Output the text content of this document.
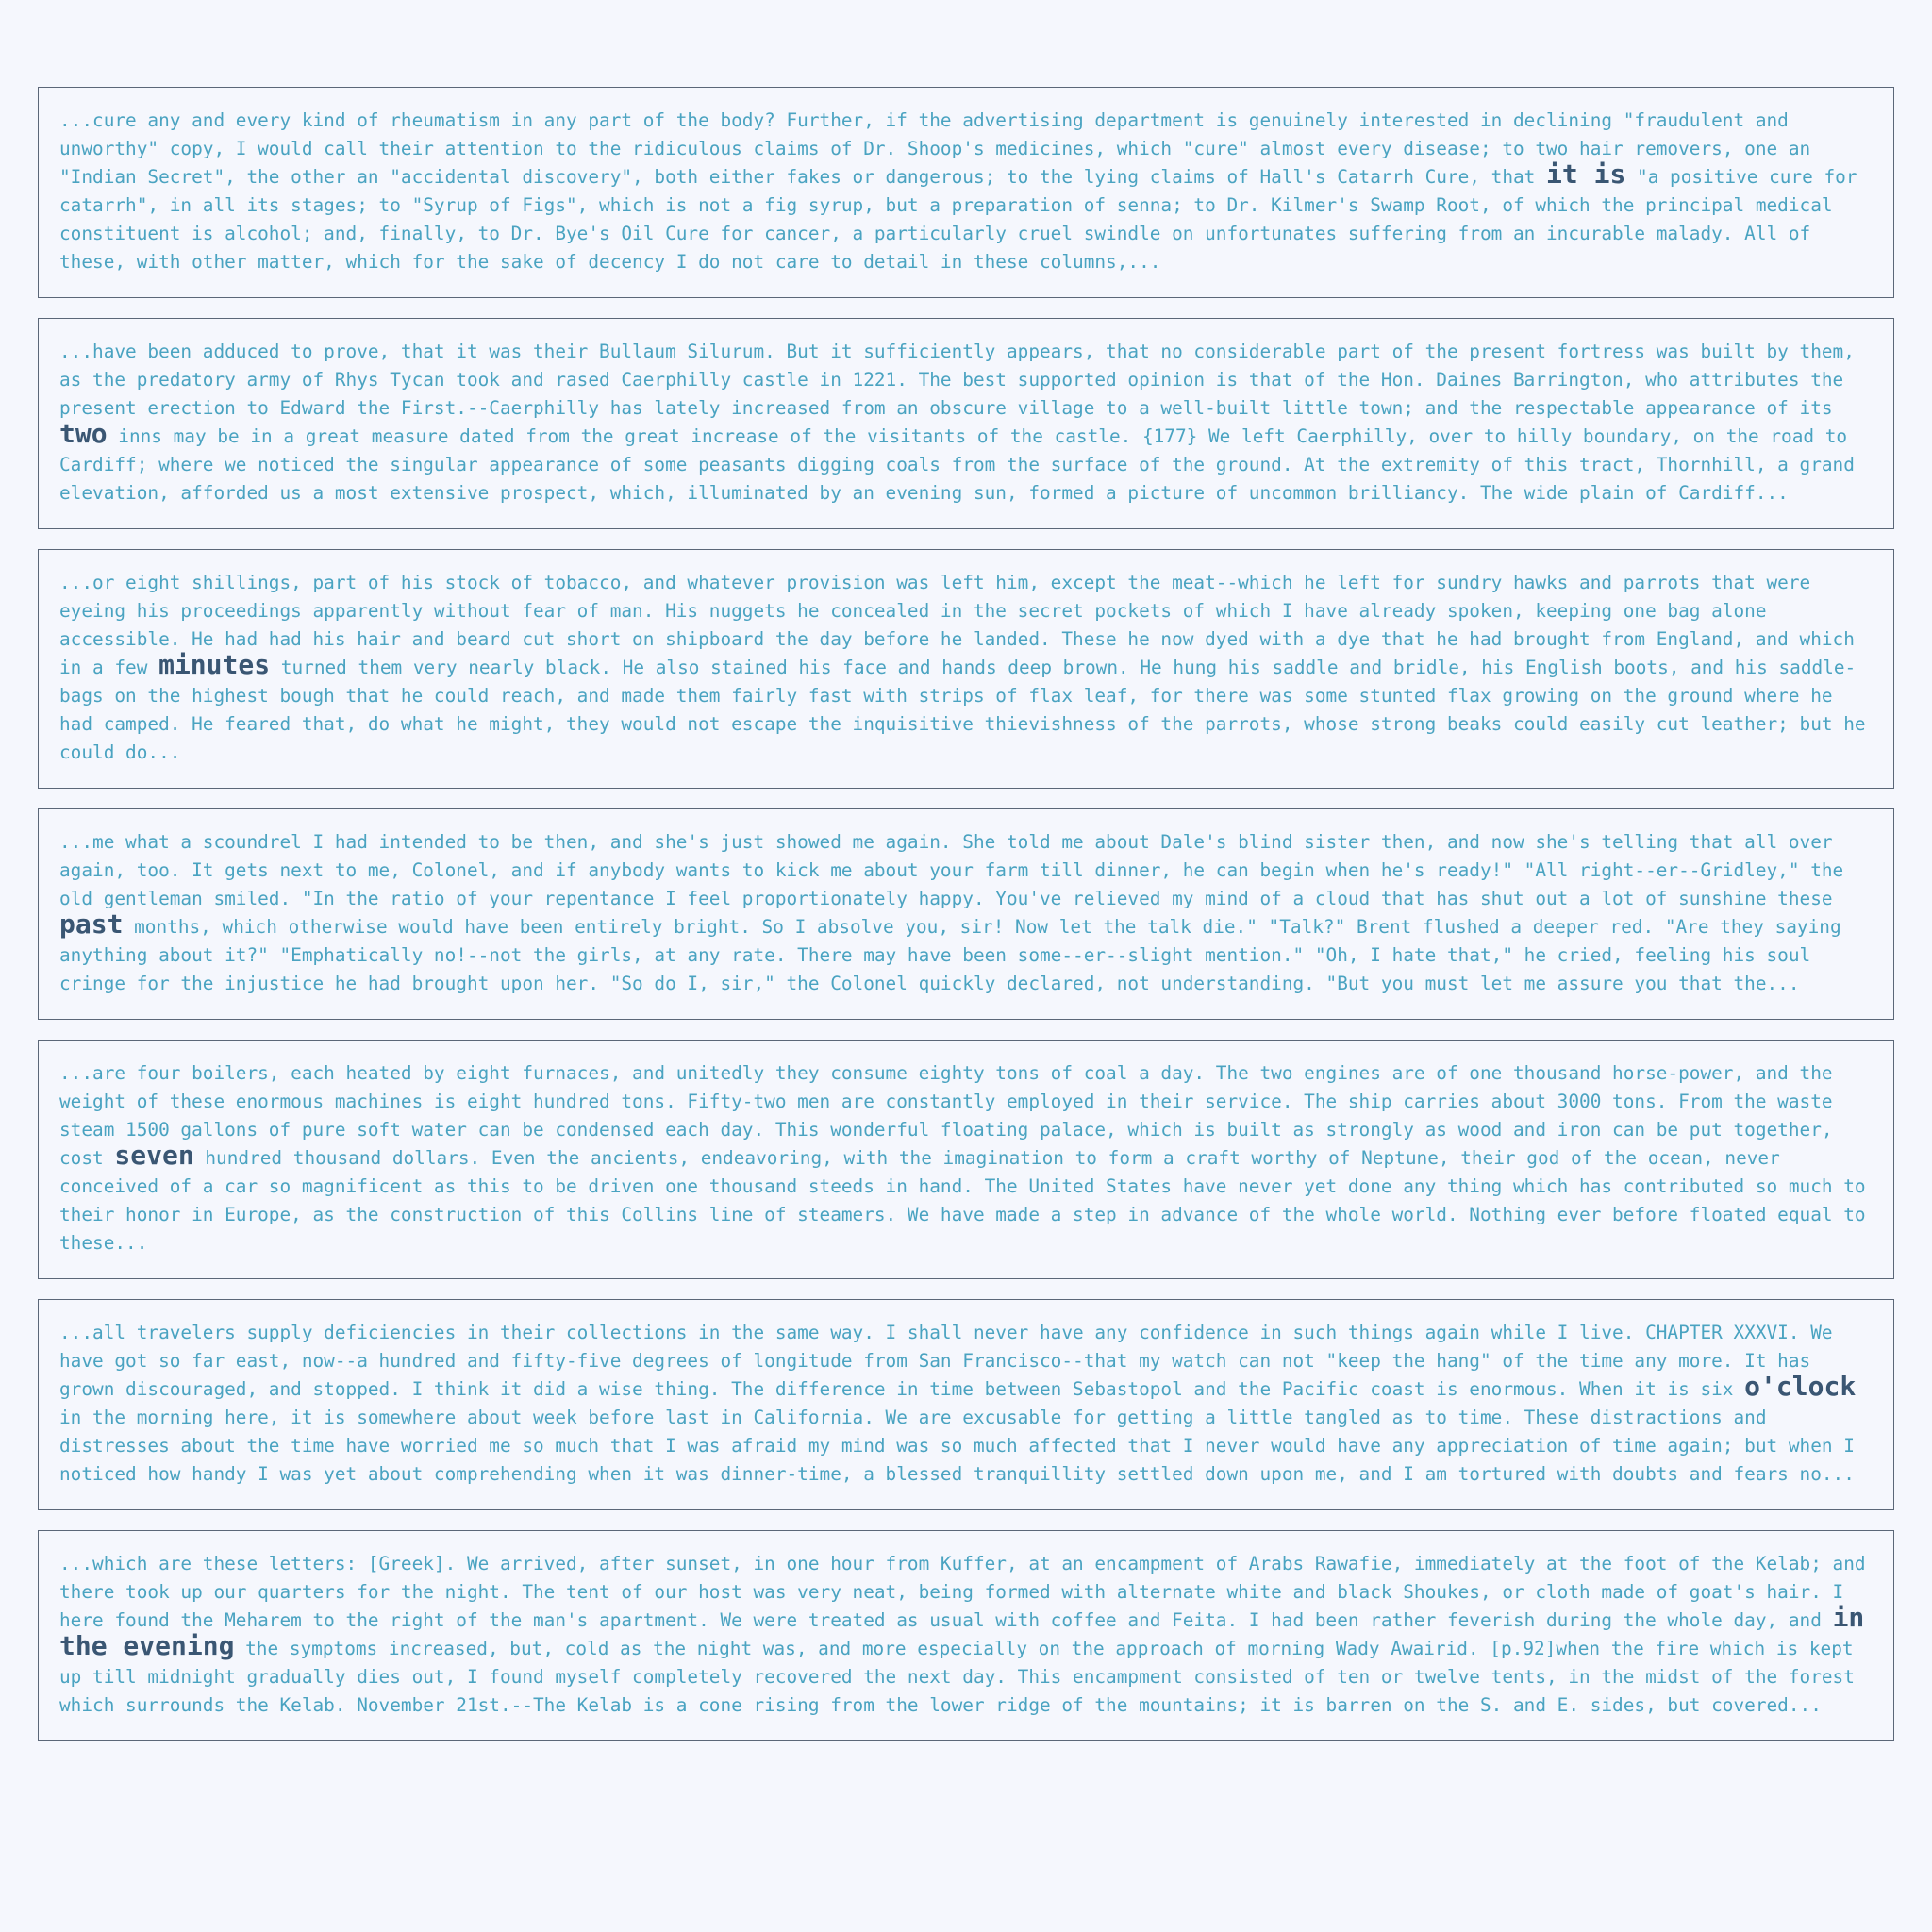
...cure any and every kind of rheumatism in any part of the body? Further, if the advertising department is genuinely interested in declining "fraudulent and unworthy" copy, I would call their attention to the ridiculous claims of Dr. Shoop's medicines, which "cure" almost every disease; to two hair removers, one an "Indian Secret", the other an "accidental discovery", both either fakes or dangerous; to the lying claims of Hall's Catarrh Cure, that it is "a positive cure for catarrh", in all its stages; to "Syrup of Figs", which is not a fig syrup, but a preparation of senna; to Dr. Kilmer's Swamp Root, of which the principal medical constituent is alcohol; and, finally, to Dr. Bye's Oil Cure for cancer, a particularly cruel swindle on unfortunates suffering from an incurable malady. All of these, with other matter, which for the sake of decency I do not care to detail in these columns,...
...have been adduced to prove, that it was their Bullaum Silurum. But it sufficiently appears, that no considerable part of the present fortress was built by them, as the predatory army of Rhys Tycan took and rased Caerphilly castle in 1221. The best supported opinion is that of the Hon. Daines Barrington, who attributes the present erection to Edward the First.--Caerphilly has lately increased from an obscure village to a well-built little town; and the respectable appearance of its two inns may be in a great measure dated from the great increase of the visitants of the castle. {177} We left Caerphilly, over to hilly boundary, on the road to Cardiff; where we noticed the singular appearance of some peasants digging coals from the surface of the ground. At the extremity of this tract, Thornhill, a grand elevation, afforded us a most extensive prospect, which, illuminated by an evening sun, formed a picture of uncommon brilliancy. The wide plain of Cardiff...
...or eight shillings, part of his stock of tobacco, and whatever provision was left him, except the meat--which he left for sundry hawks and parrots that were eyeing his proceedings apparently without fear of man. His nuggets he concealed in the secret pockets of which I have already spoken, keeping one bag alone accessible. He had had his hair and beard cut short on shipboard the day before he landed. These he now dyed with a dye that he had brought from England, and which in a few minutes turned them very nearly black. He also stained his face and hands deep brown. He hung his saddle and bridle, his English boots, and his saddle-bags on the highest bough that he could reach, and made them fairly fast with strips of flax leaf, for there was some stunted flax growing on the ground where he had camped. He feared that, do what he might, they would not escape the inquisitive thievishness of the parrots, whose strong beaks could easily cut leather; but he could do...
...me what a scoundrel I had intended to be then, and she's just showed me again. She told me about Dale's blind sister then, and now she's telling that all over again, too. It gets next to me, Colonel, and if anybody wants to kick me about your farm till dinner, he can begin when he's ready!" "All right--er--Gridley," the old gentleman smiled. "In the ratio of your repentance I feel proportionately happy. You've relieved my mind of a cloud that has shut out a lot of sunshine these past months, which otherwise would have been entirely bright. So I absolve you, sir! Now let the talk die." "Talk?" Brent flushed a deeper red. "Are they saying anything about it?" "Emphatically no!--not the girls, at any rate. There may have been some--er--slight mention." "Oh, I hate that," he cried, feeling his soul cringe for the injustice he had brought upon her. "So do I, sir," the Colonel quickly declared, not understanding. "But you must let me assure you that the...
...are four boilers, each heated by eight furnaces, and unitedly they consume eighty tons of coal a day. The two engines are of one thousand horse-power, and the weight of these enormous machines is eight hundred tons. Fifty-two men are constantly employed in their service. The ship carries about 3000 tons. From the waste steam 1500 gallons of pure soft water can be condensed each day. This wonderful floating palace, which is built as strongly as wood and iron can be put together, cost seven hundred thousand dollars. Even the ancients, endeavoring, with the imagination to form a craft worthy of Neptune, their god of the ocean, never conceived of a car so magnificent as this to be driven one thousand steeds in hand. The United States have never yet done any thing which has contributed so much to their honor in Europe, as the construction of this Collins line of steamers. We have made a step in advance of the whole world. Nothing ever before floated equal to these...
...all travelers supply deficiencies in their collections in the same way. I shall never have any confidence in such things again while I live. CHAPTER XXXVI. We have got so far east, now--a hundred and fifty-five degrees of longitude from San Francisco--that my watch can not "keep the hang" of the time any more. It has grown discouraged, and stopped. I think it did a wise thing. The difference in time between Sebastopol and the Pacific coast is enormous. When it is six o'clock in the morning here, it is somewhere about week before last in California. We are excusable for getting a little tangled as to time. These distractions and distresses about the time have worried me so much that I was afraid my mind was so much affected that I never would have any appreciation of time again; but when I noticed how handy I was yet about comprehending when it was dinner-time, a blessed tranquillity settled down upon me, and I am tortured with doubts and fears no...
...which are these letters: [Greek]. We arrived, after sunset, in one hour from Kuffer, at an encampment of Arabs Rawafie, immediately at the foot of the Kelab; and there took up our quarters for the night. The tent of our host was very neat, being formed with alternate white and black Shoukes, or cloth made of goat's hair. I here found the Meharem to the right of the man's apartment. We were treated as usual with coffee and Feita. I had been rather feverish during the whole day, and in the evening the symptoms increased, but, cold as the night was, and more especially on the approach of morning Wady Awairid. [p.92]when the fire which is kept up till midnight gradually dies out, I found myself completely recovered the next day. This encampment consisted of ten or twelve tents, in the midst of the forest which surrounds the Kelab. November 21st.--The Kelab is a cone rising from the lower ridge of the mountains; it is barren on the S. and E. sides, but covered...
